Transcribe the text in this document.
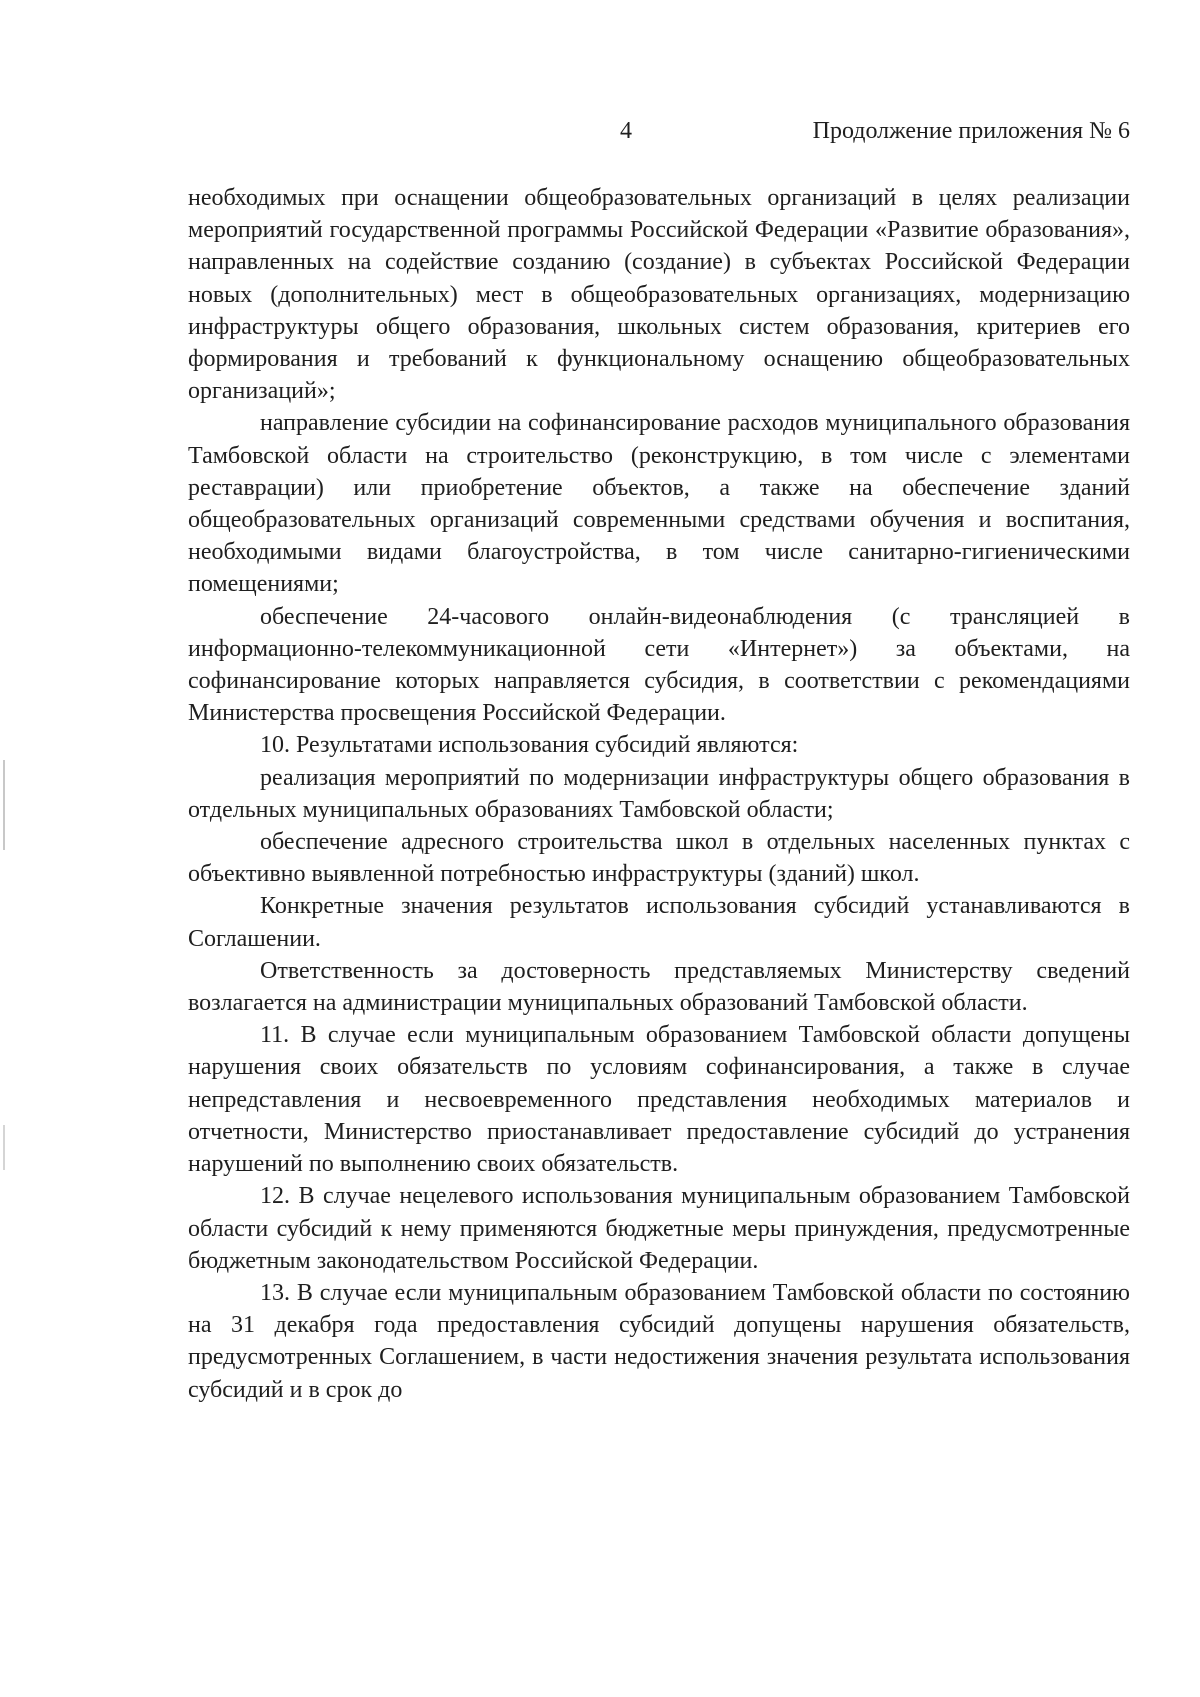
4	Продолжение приложения № 6

необходимых при оснащении общеобразовательных организаций в целях реализации мероприятий государственной программы Российской Федерации «Развитие образования», направленных на содействие созданию (создание) в субъектах Российской Федерации новых (дополнительных) мест в общеобразовательных организациях, модернизацию инфраструктуры общего образования, школьных систем образования, критериев его формирования и требований к функциональному оснащению общеобразовательных организаций»;

направление субсидии на софинансирование расходов муниципального образования Тамбовской области на строительство (реконструкцию, в том числе с элементами реставрации) или приобретение объектов, а также на обеспечение зданий общеобразовательных организаций современными средствами обучения и воспитания, необходимыми видами благоустройства, в том числе санитарно-гигиеническими помещениями;

обеспечение 24-часового онлайн-видеонаблюдения (с трансляцией в информационно-телекоммуникационной сети «Интернет») за объектами, на софинансирование которых направляется субсидия, в соответствии с рекомендациями Министерства просвещения Российской Федерации.

10. Результатами использования субсидий являются:

реализация мероприятий по модернизации инфраструктуры общего образования в отдельных муниципальных образованиях Тамбовской области;

обеспечение адресного строительства школ в отдельных населенных пунктах с объективно выявленной потребностью инфраструктуры (зданий) школ.

Конкретные значения результатов использования субсидий устанавливаются в Соглашении.

Ответственность за достоверность представляемых Министерству сведений возлагается на администрации муниципальных образований Тамбовской области.

11. В случае если муниципальным образованием Тамбовской области допущены нарушения своих обязательств по условиям софинансирования, а также в случае непредставления и несвоевременного представления необходимых материалов и отчетности, Министерство приостанавливает предоставление субсидий до устранения нарушений по выполнению своих обязательств.

12. В случае нецелевого использования муниципальным образованием Тамбовской области субсидий к нему применяются бюджетные меры принуждения, предусмотренные бюджетным законодательством Российской Федерации.

13. В случае если муниципальным образованием Тамбовской области по состоянию на 31 декабря года предоставления субсидий допущены нарушения обязательств, предусмотренных Соглашением, в части недостижения значения результата использования субсидий и в срок до
